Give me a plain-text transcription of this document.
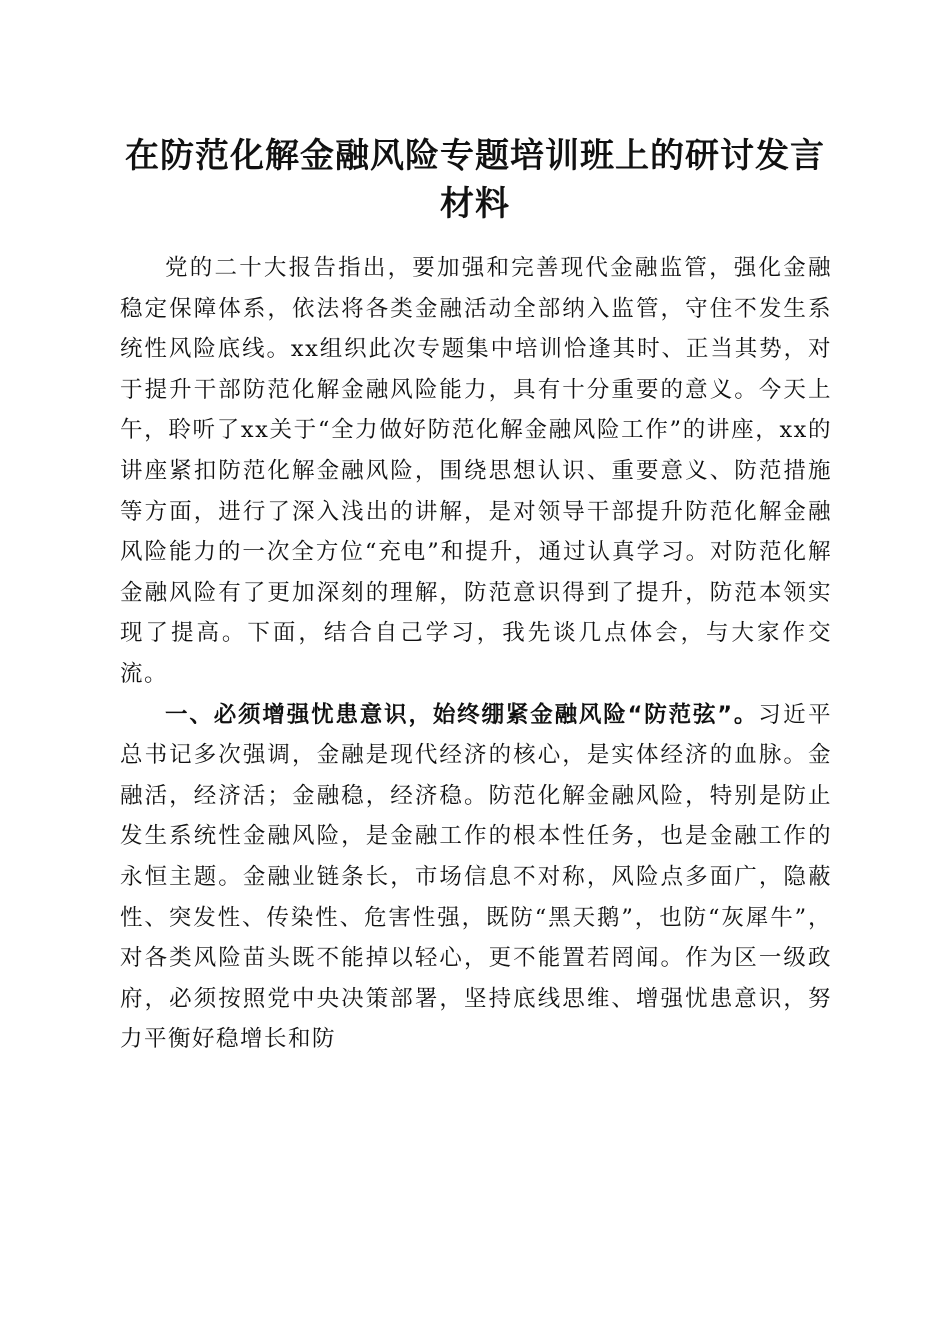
在防范化解金融风险专题培训班上的研讨发言
材料

党的二十大报告指出，要加强和完善现代金融监管，强化金融稳定保障体系，依法将各类金融活动全部纳入监管，守住不发生系统性风险底线。xx组织此次专题集中培训恰逢其时、正当其势，对于提升干部防范化解金融风险能力，具有十分重要的意义。今天上午，聆听了xx关于“全力做好防范化解金融风险工作”的讲座，xx的讲座紧扣防范化解金融风险，围绕思想认识、重要意义、防范措施等方面，进行了深入浅出的讲解，是对领导干部提升防范化解金融风险能力的一次全方位“充电”和提升，通过认真学习。对防范化解金融风险有了更加深刻的理解，防范意识得到了提升，防范本领实现了提高。下面，结合自己学习，我先谈几点体会，与大家作交流。

一、必须增强忧患意识，始终绷紧金融风险“防范弦”。习近平总书记多次强调，金融是现代经济的核心，是实体经济的血脉。金融活，经济活；金融稳，经济稳。防范化解金融风险，特别是防止发生系统性金融风险，是金融工作的根本性任务，也是金融工作的永恒主题。金融业链条长，市场信息不对称，风险点多面广，隐蔽性、突发性、传染性、危害性强，既防“黑天鹅”，也防“灰犀牛”，对各类风险苗头既不能掉以轻心，更不能置若罔闻。作为区一级政府，必须按照党中央决策部署，坚持底线思维、增强忧患意识，努力平衡好稳增长和防
